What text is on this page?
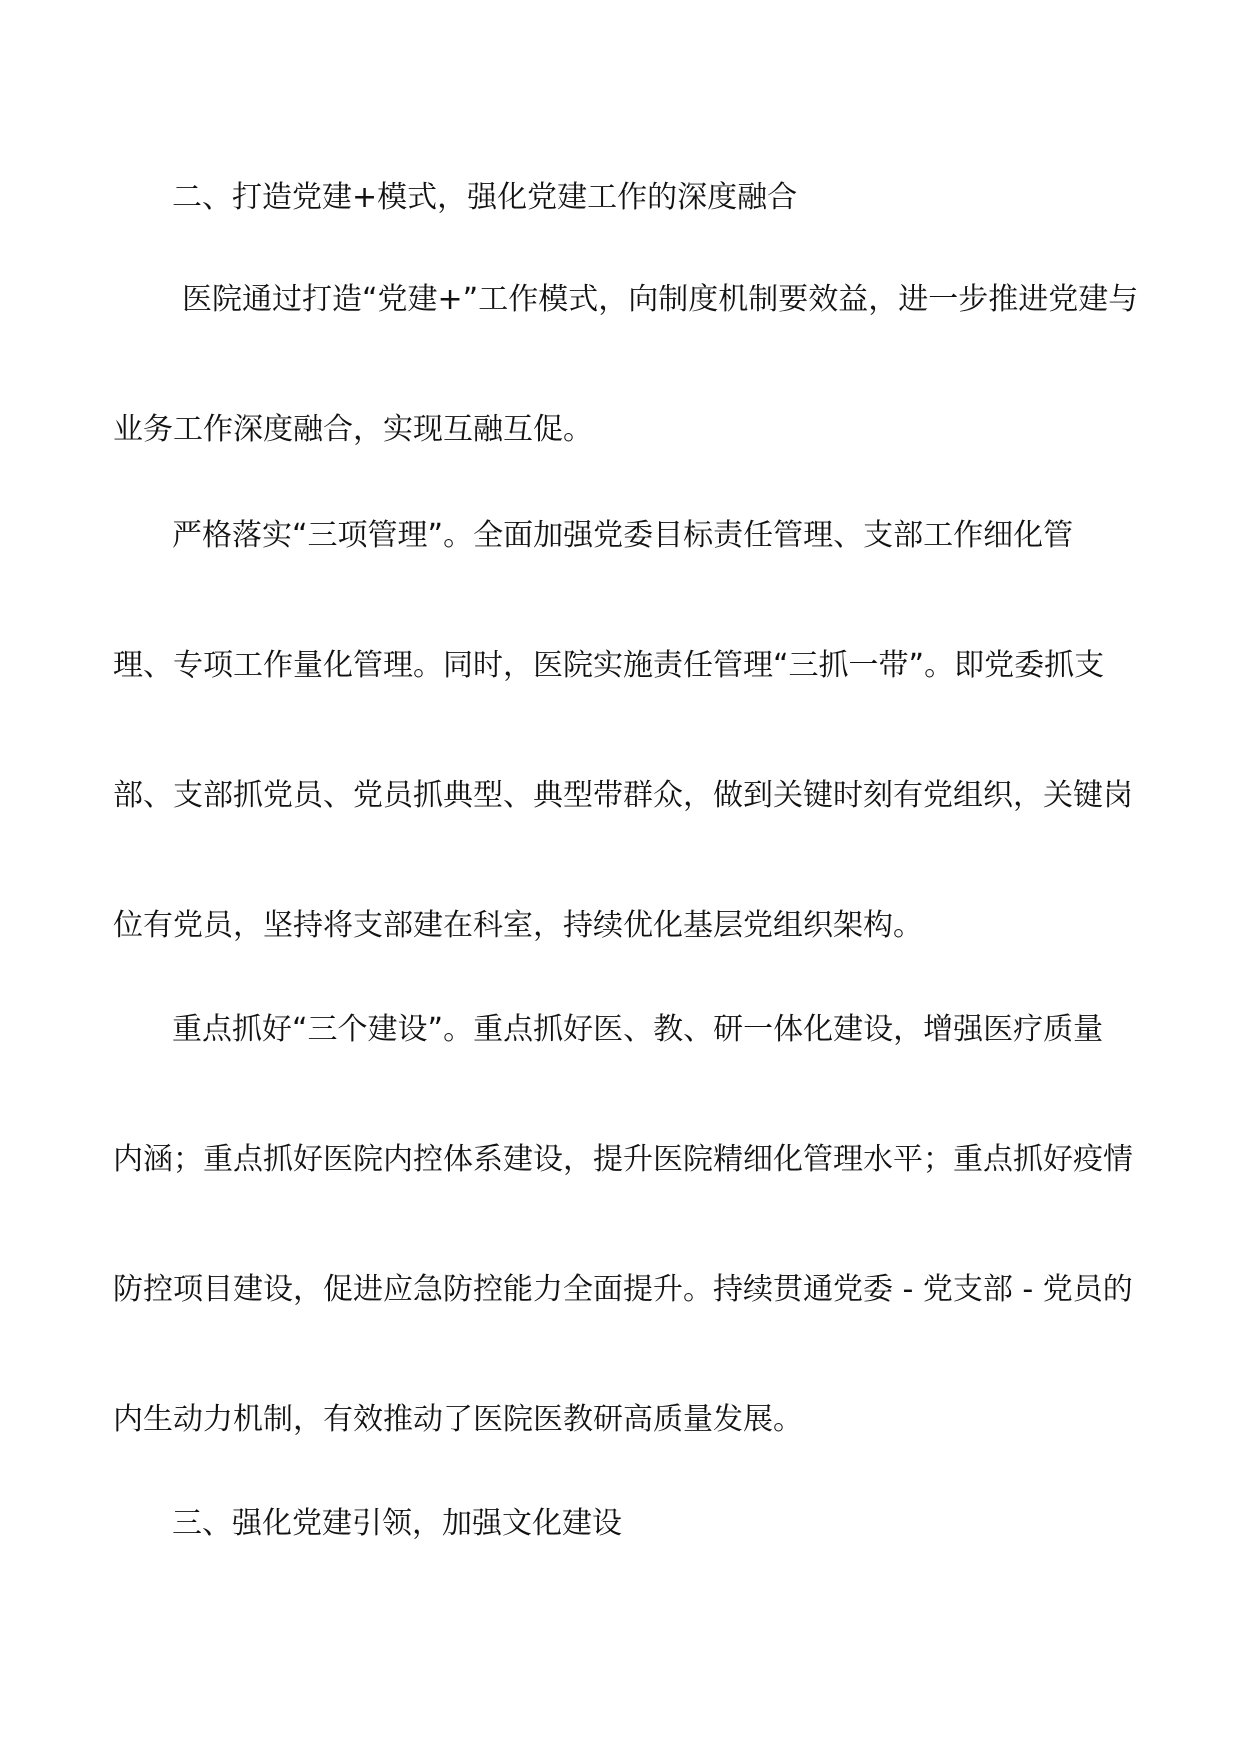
二、打造党建+模式，强化党建工作的深度融合

医院通过打造“党建+”工作模式，向制度机制要效益，进一步推进党建与

业务工作深度融合，实现互融互促。

严格落实“三项管理”。全面加强党委目标责任管理、支部工作细化管

理、专项工作量化管理。同时，医院实施责任管理“三抓一带”。即党委抓支

部、支部抓党员、党员抓典型、典型带群众，做到关键时刻有党组织，关键岗

位有党员，坚持将支部建在科室，持续优化基层党组织架构。

重点抓好“三个建设”。重点抓好医、教、研一体化建设，增强医疗质量

内涵；重点抓好医院内控体系建设，提升医院精细化管理水平；重点抓好疫情

防控项目建设，促进应急防控能力全面提升。持续贯通党委 - 党支部 - 党员的

内生动力机制，有效推动了医院医教研高质量发展。

三、强化党建引领，加强文化建设
